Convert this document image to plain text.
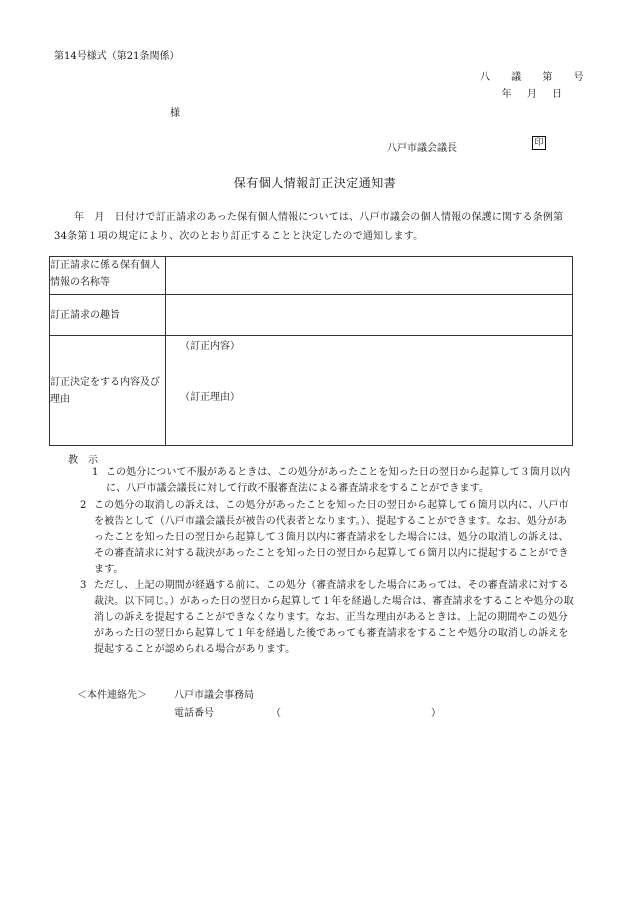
第14号様式（第21条関係）
八 議 第 号
年 月 日
様
八戸市議会議長	印
保有個人情報訂正決定通知書
年　月　日付けで訂正請求のあった保有個人情報については、八戸市議会の個人情報の保護に関する条例第34条第１項の規定により、次のとおり訂正することと決定したので通知します。
訂正請求に係る保有個人情報の名称等	
訂正請求の趣旨	
訂正決定をする内容及び理由	（訂正内容）
（訂正理由）
教示
1 この処分について不服があるときは、この処分があったことを知った日の翌日から起算して３箇月以内に、八戸市議会議長に対して行政不服審査法による審査請求をすることができます。
2 この処分の取消しの訴えは、この処分があったことを知った日の翌日から起算して６箇月以内に、八戸市を被告として（八戸市議会議長が被告の代表者となります。）、提起することができます。なお、処分があったことを知った日の翌日から起算して３箇月以内に審査請求をした場合には、処分の取消しの訴えは、その審査請求に対する裁決があったことを知った日の翌日から起算して６箇月以内に提起することができます。
3 ただし、上記の期間が経過する前に、この処分（審査請求をした場合にあっては、その審査請求に対する裁決。以下同じ。）があった日の翌日から起算して１年を経過した場合は、審査請求をすることや処分の取消しの訴えを提起することができなくなります。なお、正当な理由があるときは、上記の期間やこの処分があった日の翌日から起算して１年を経過した後であっても審査請求をすることや処分の取消しの訴えを提起することが認められる場合があります。
＜本件連絡先＞	八戸市議会事務局
電話番号	（　　　）
